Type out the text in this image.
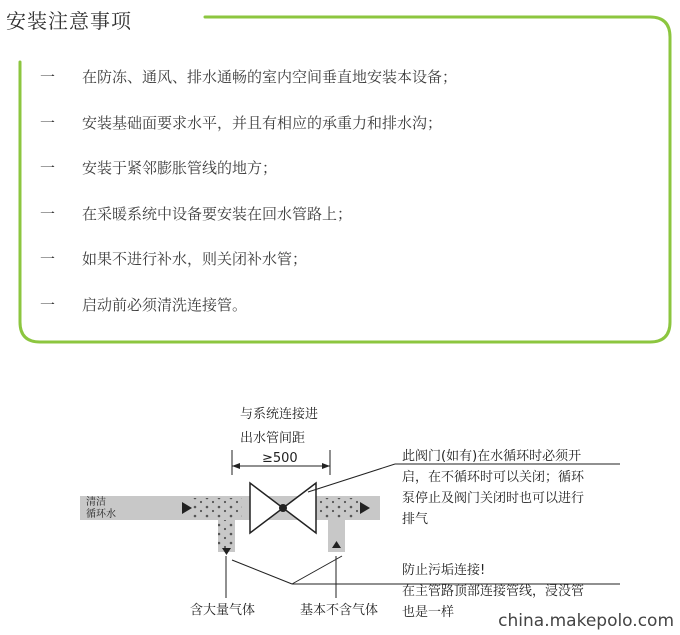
安装注意事项
一 在防冻、通风、排水通畅的室内空间垂直地安装本设备；
一 安装基础面要求水平，并且有相应的承重力和排水沟；
一 安装于紧邻膨胀管线的地方；
一 在采暖系统中设备要安装在回水管路上；
一 如果不进行补水，则关闭补水管；
一 启动前必须清洗连接管。
与系统连接进
出水管间距
≥500
清洁
循环水
含大量气体	基本不含气体
此阀门(如有)在水循环时必须开
启，在不循环时可以关闭；循环
泵停止及阀门关闭时也可以进行
排气
防止污垢连接!
在主管路顶部连接管线，浸没管
也是一样	china.makepolo.com
